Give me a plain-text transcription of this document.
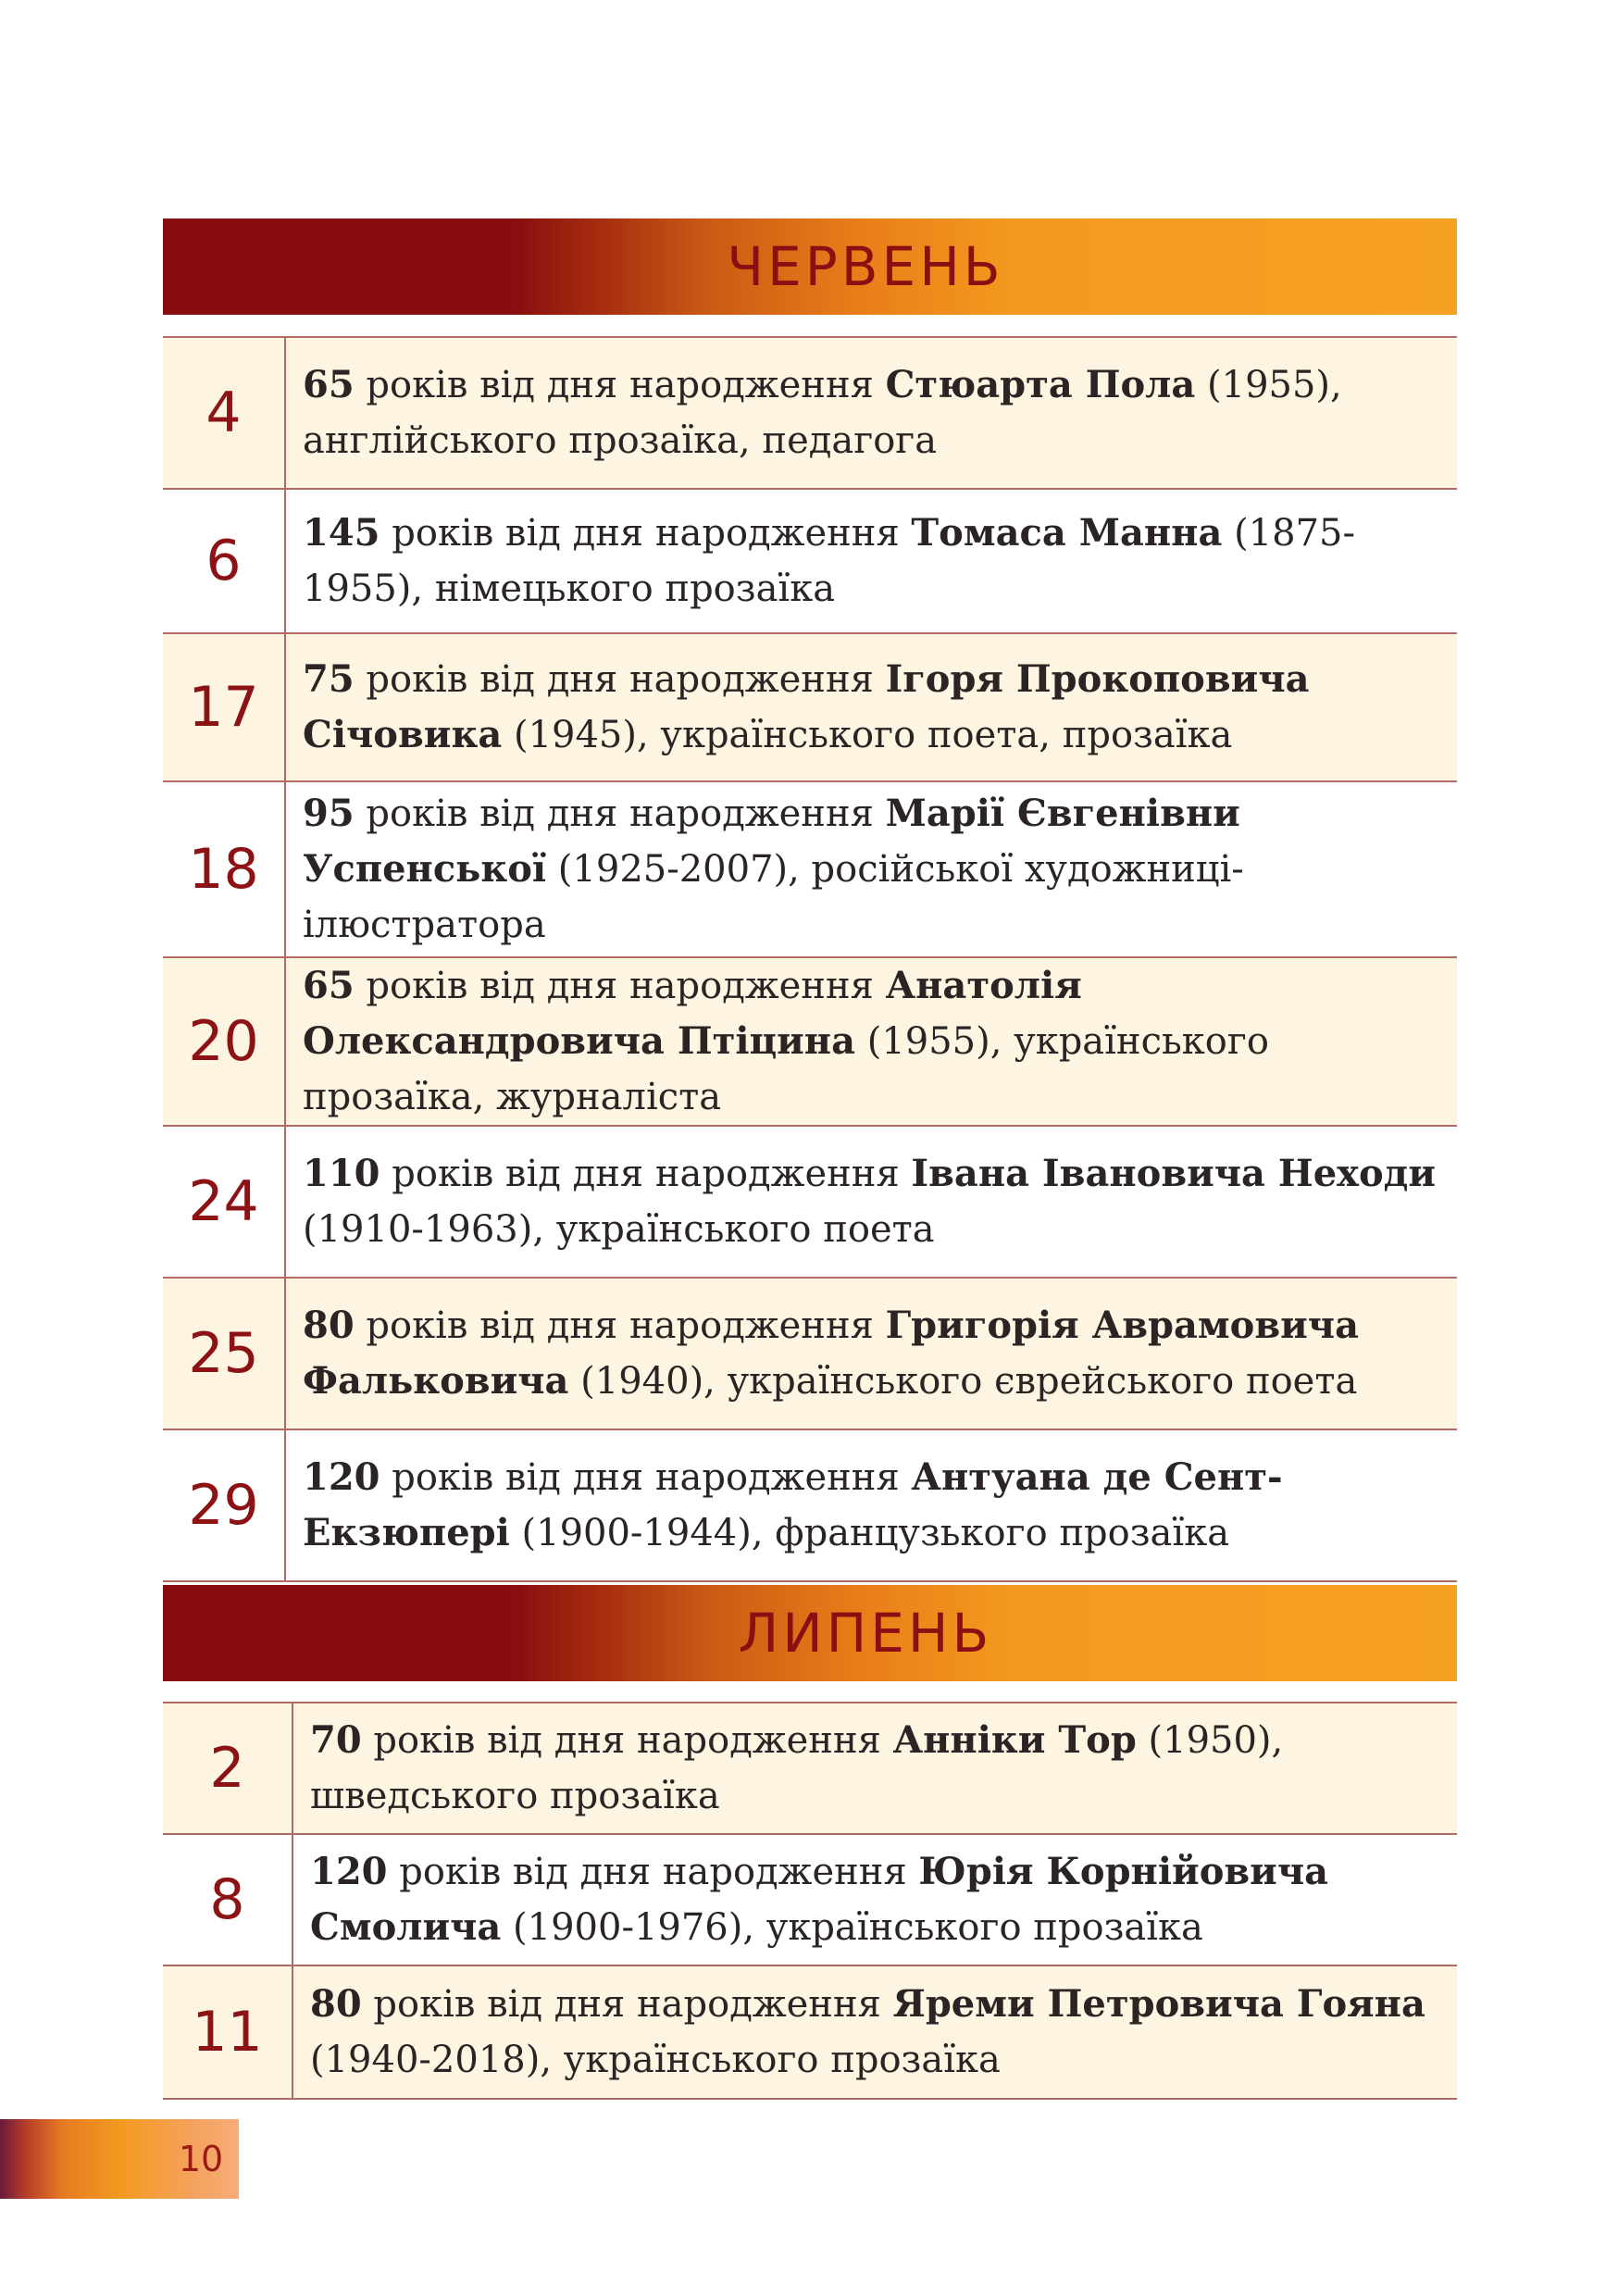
ЧЕРВЕНЬ
4	65 років від дня народження Стюарта Пола (1955), англійського прозаїка, педагога
6	145 років від дня народження Томаса Манна (1875-1955), німецького прозаїка
17	75 років від дня народження Ігоря Прокоповича Січовика (1945), українського поета, прозаїка
18	95 років від дня народження Марії Євгенівни Успенської (1925-2007), російської художниці-ілюстратора
20	65 років від дня народження Анатолія Олександровича Птіцина (1955), українського прозаїка, журналіста
24	110 років від дня народження Івана Івановича Неходи (1910-1963), українського поета
25	80 років від дня народження Григорія Аврамовича Фальковича (1940), українського єврейського поета
29	120 років від дня народження Антуана де Сент-Екзюпері (1900-1944), французького прозаїка
ЛИПЕНЬ
2	70 років від дня народження Анніки Тор (1950), шведського прозаїка
8	120 років від дня народження Юрія Корнійовича Смолича (1900-1976), українського прозаїка
11	80 років від дня народження Яреми Петровича Гояна (1940-2018), українського прозаїка
10
